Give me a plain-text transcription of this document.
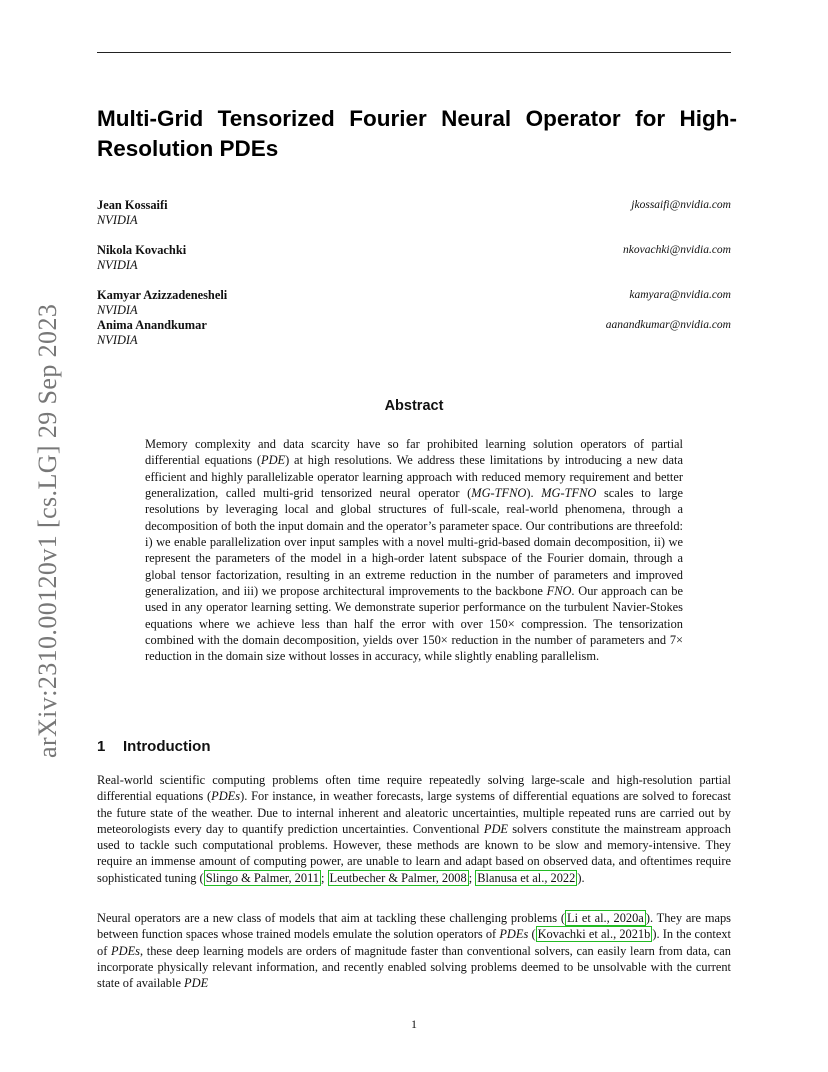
arXiv:2310.00120v1 [cs.LG] 29 Sep 2023
Multi-Grid Tensorized Fourier Neural Operator for High-Resolution PDEs
Jean Kossaifi
NVIDIA
jkossaifi@nvidia.com
Nikola Kovachki
NVIDIA
nkovachki@nvidia.com
Kamyar Azizzadenesheli
NVIDIA
kamyara@nvidia.com
Anima Anandkumar
NVIDIA
aanandkumar@nvidia.com
Abstract

Memory complexity and data scarcity have so far prohibited learning solution operators of partial differential equations (PDE) at high resolutions. We address these limitations by introducing a new data efficient and highly parallelizable operator learning approach with reduced memory requirement and better generalization, called multi-grid tensorized neural operator (MG-TFNO). MG-TFNO scales to large resolutions by leveraging local and global structures of full-scale, real-world phenomena, through a decomposition of both the input domain and the operator’s parameter space. Our contributions are threefold: i) we enable parallelization over input samples with a novel multi-grid-based domain decomposition, ii) we represent the parameters of the model in a high-order latent subspace of the Fourier domain, through a global tensor factorization, resulting in an extreme reduction in the number of parameters and improved generalization, and iii) we propose architectural improvements to the backbone FNO. Our approach can be used in any operator learning setting. We demonstrate superior performance on the turbulent Navier-Stokes equations where we achieve less than half the error with over 150× compression. The tensorization combined with the domain decomposition, yields over 150× reduction in the number of parameters and 7× reduction in the domain size without losses in accuracy, while slightly enabling parallelism.

1 Introduction

Real-world scientific computing problems often time require repeatedly solving large-scale and high-resolution partial differential equations (PDEs). For instance, in weather forecasts, large systems of differential equations are solved to forecast the future state of the weather. Due to internal inherent and aleatoric uncertainties, multiple repeated runs are carried out by meteorologists every day to quantify prediction uncertainties. Conventional PDE solvers constitute the mainstream approach used to tackle such computational problems. However, these methods are known to be slow and memory-intensive. They require an immense amount of computing power, are unable to learn and adapt based on observed data, and oftentimes require sophisticated tuning ( Slingo & Palmer, 2011 ; Leutbecher & Palmer, 2008 ; Blanusa et al., 2022 ).

Neural operators are a new class of models that aim at tackling these challenging problems ( Li et al., 2020a ). They are maps between function spaces whose trained models emulate the solution operators of PDEs ( Kovachki et al., 2021b ). In the context of PDEs, these deep learning models are orders of magnitude faster than conventional solvers, can easily learn from data, can incorporate physically relevant information, and recently enabled solving problems deemed to be unsolvable with the current state of available PDE

1
